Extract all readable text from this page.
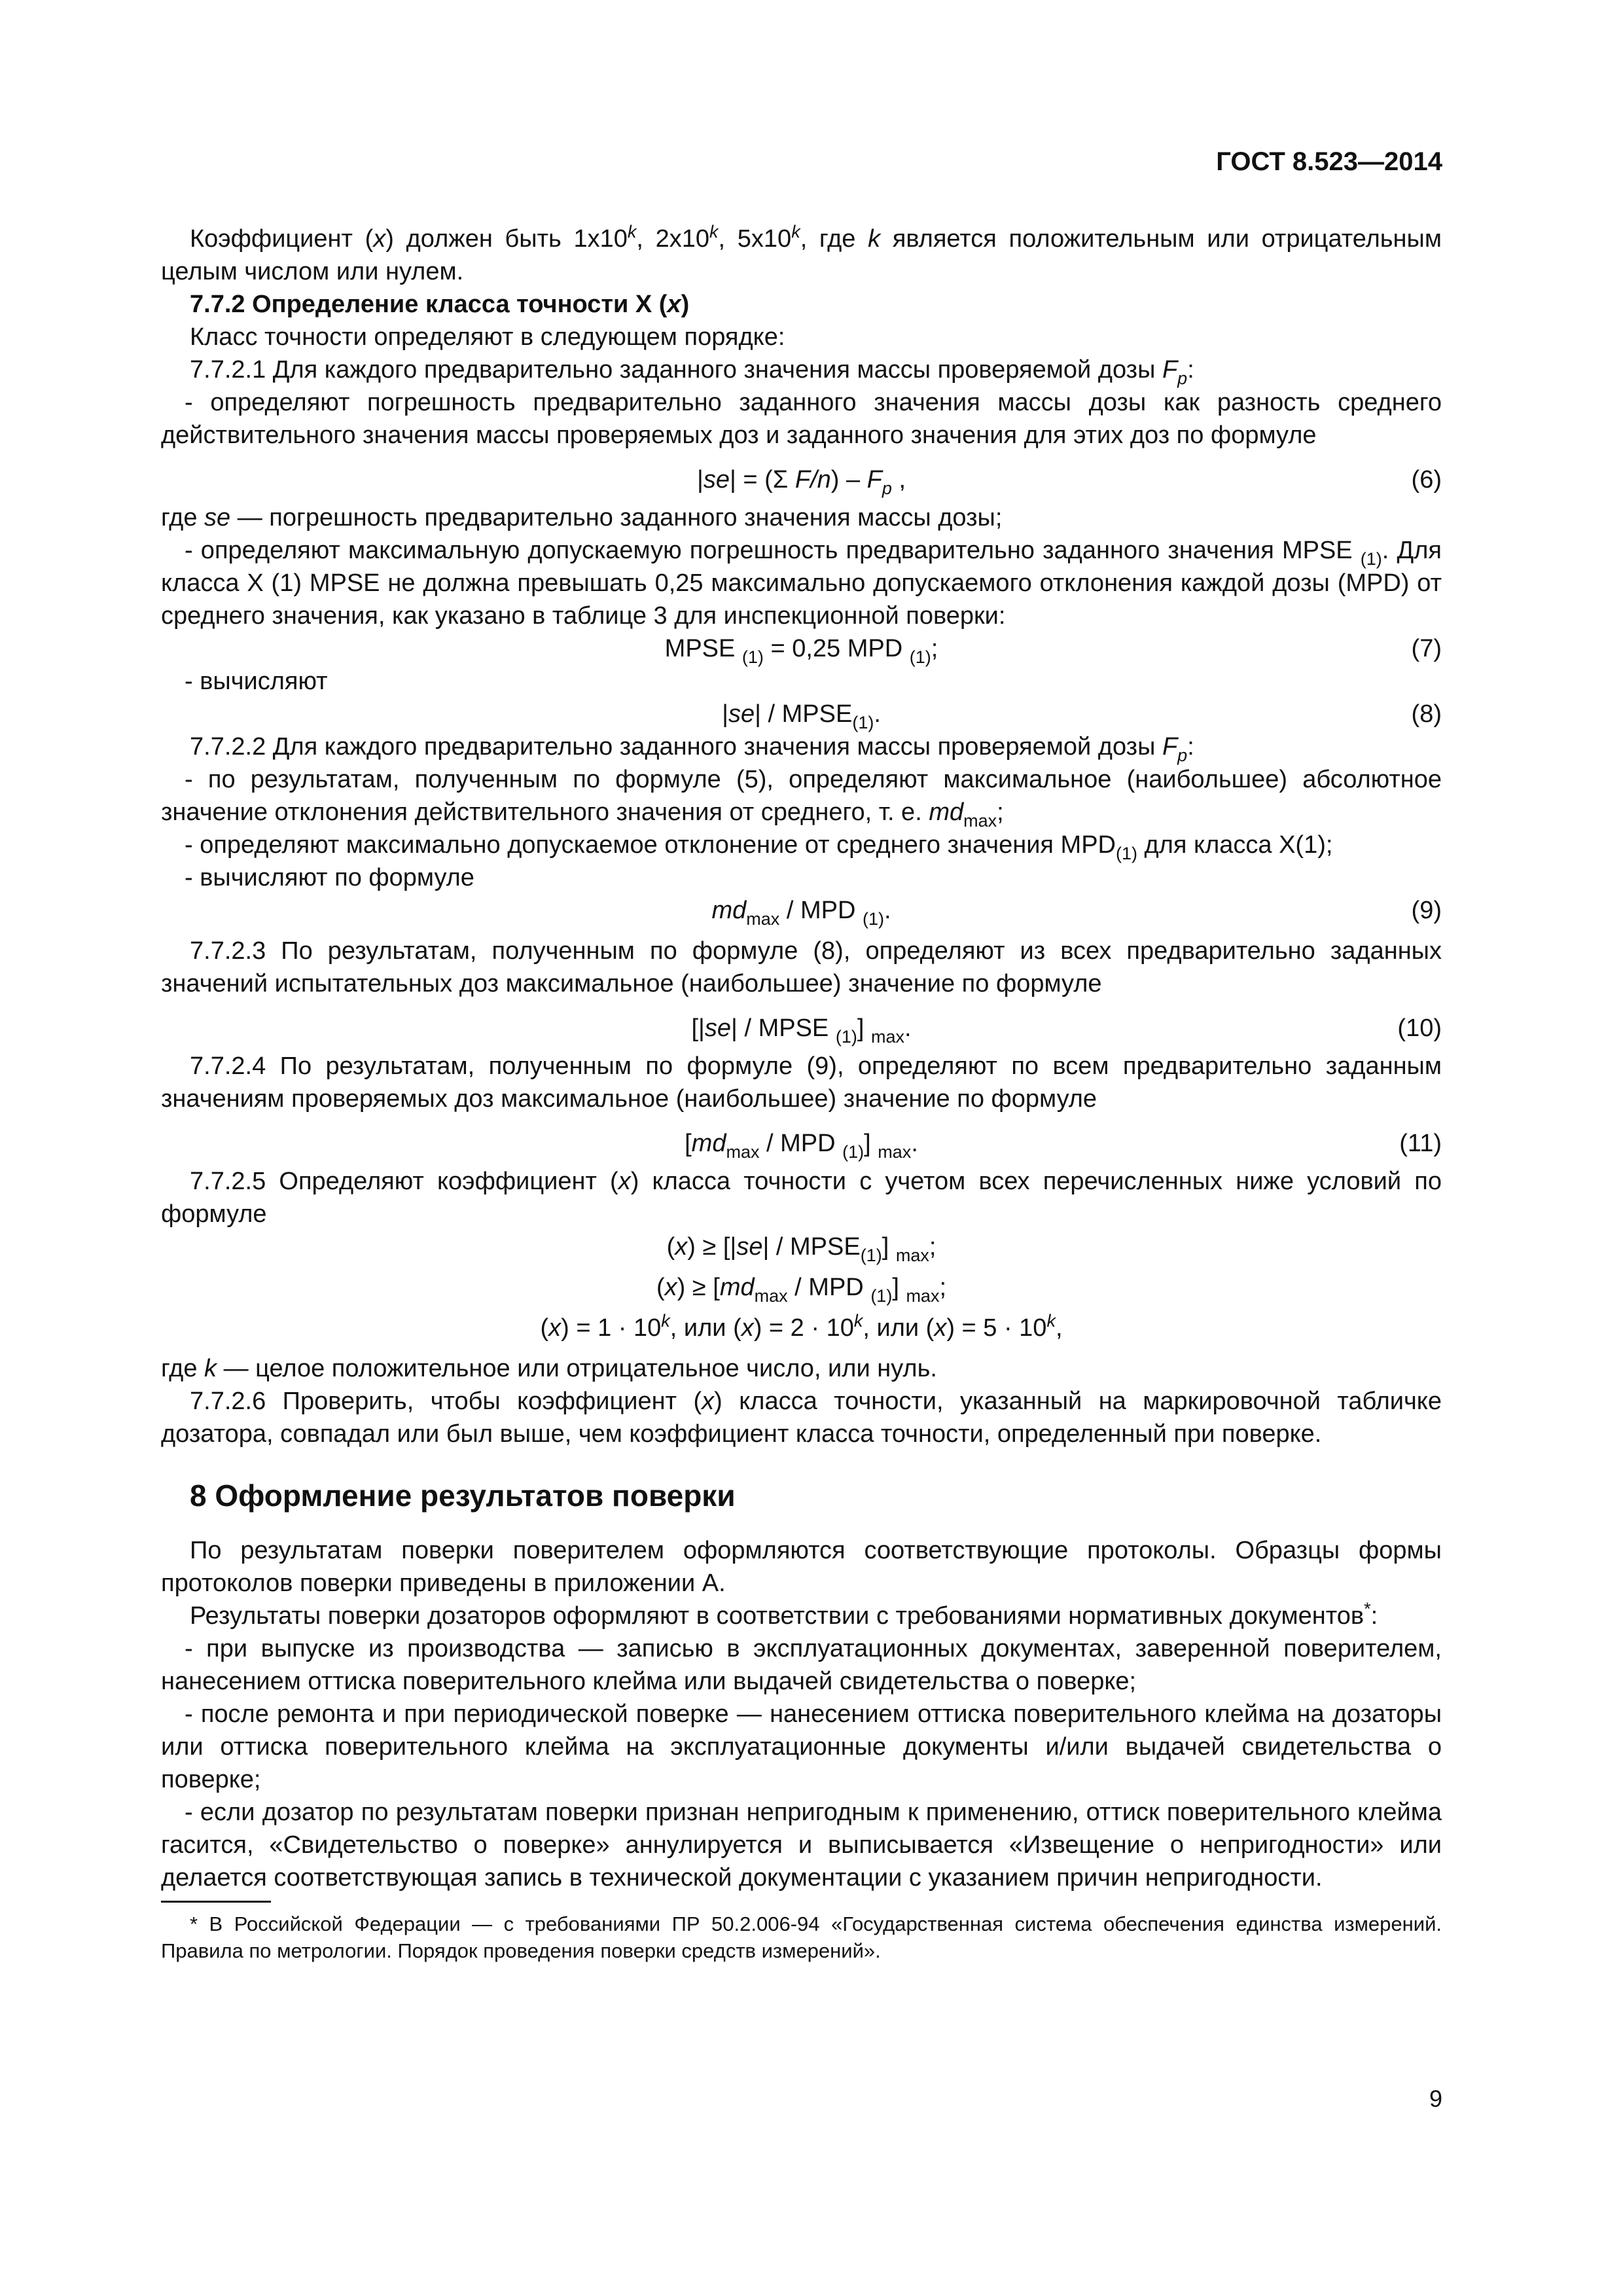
ГОСТ 8.523—2014

Коэффициент (x) должен быть 1х10$^k$, 2х10$^k$, 5х10$^k$, где k является положительным или отрицательным целым числом или нулем.

7.7.2 Определение класса точности X (x)

Класс точности определяют в следующем порядке:

7.7.2.1 Для каждого предварительно заданного значения массы проверяемой дозы $F_p$:

- определяют погрешность предварительно заданного значения массы дозы как разность среднего действительного значения массы проверяемых доз и заданного значения для этих доз по формуле

|se| = (Σ $F/n) - F_p$ ,	(6)

где se — погрешность предварительно заданного значения массы дозы;

- определяют максимальную допускаемую погрешность предварительно заданного значения MPSE $_{(1)}$. Для класса X (1) MPSE не должна превышать 0,25 максимально допускаемого отклонения каждой дозы (MPD) от среднего значения, как указано в таблице 3 для инспекционной поверки:

MPSE $_{(1)}$ = 0,25 MPD $_{(1)}$;	(7)

- вычисляют

$|se| / MPSE_{(1)}$.	(8)

7.7.2.2 Для каждого предварительно заданного значения массы проверяемой дозы $F_p$:

- по результатам, полученным по формуле (5), определяют максимальное (наибольшее) абсолютное значение отклонения действительного значения от среднего, т. е. $md_{max}$;

- определяют максимально допускаемое отклонение от среднего значения $MPD_{(1)}$ для класса X(1);

- вычисляют по формуле

$md_{max}$ / MPD $_{(1)}$.	(9)

7.7.2.3 По результатам, полученным по формуле (8), определяют из всех предварительно заданных значений испытательных доз максимальное (наибольшее) значение по формуле

[|se| / MPSE $_{(1)}$] $_{max}$.	(10)

7.7.2.4 По результатам, полученным по формуле (9), определяют по всем предварительно заданным значениям проверяемых доз максимальное (наибольшее) значение по формуле

[$md_{max}$ / MPD $_{(1)}$] $_{max}$.	(11)

7.7.2.5 Определяют коэффициент (x) класса точности с учетом всех перечисленных ниже условий по формуле

$(x) \ge [|se| / MPSE_{(1)}]$ $_{max}$;
$(x) \ge [md_{max}$ / MPD $_{(1)}$] $_{max}$;
$(x) = 1 \cdot 10^k$, или $(x) = 2 \cdot 10^k$, или $(x) = 5 \cdot 10^k$,

где k — целое положительное или отрицательное число, или нуль.

7.7.2.6 Проверить, чтобы коэффициент (x) класса точности, указанный на маркировочной табличке дозатора, совпадал или был выше, чем коэффициент класса точности, определенный при поверке.

8 Оформление результатов поверки

По результатам поверки поверителем оформляются соответствующие протоколы. Образцы формы протоколов поверки приведены в приложении А.

Результаты поверки дозаторов оформляют в соответствии с требованиями нормативных документов*:

- при выпуске из производства — записью в эксплуатационных документах, заверенной поверителем, нанесением оттиска поверительного клейма или выдачей свидетельства о поверке;

- после ремонта и при периодической поверке — нанесением оттиска поверительного клейма на дозаторы или оттиска поверительного клейма на эксплуатационные документы и/или выдачей свидетельства о поверке;

- если дозатор по результатам поверки признан непригодным к применению, оттиск поверительного клейма гасится, «Свидетельство о поверке» аннулируется и выписывается «Извещение о непригодности» или делается соответствующая запись в технической документации с указанием причин непригодности.

* В Российской Федерации — с требованиями ПР 50.2.006-94 «Государственная система обеспечения единства измерений. Правила по метрологии. Порядок проведения поверки средств измерений».

9
